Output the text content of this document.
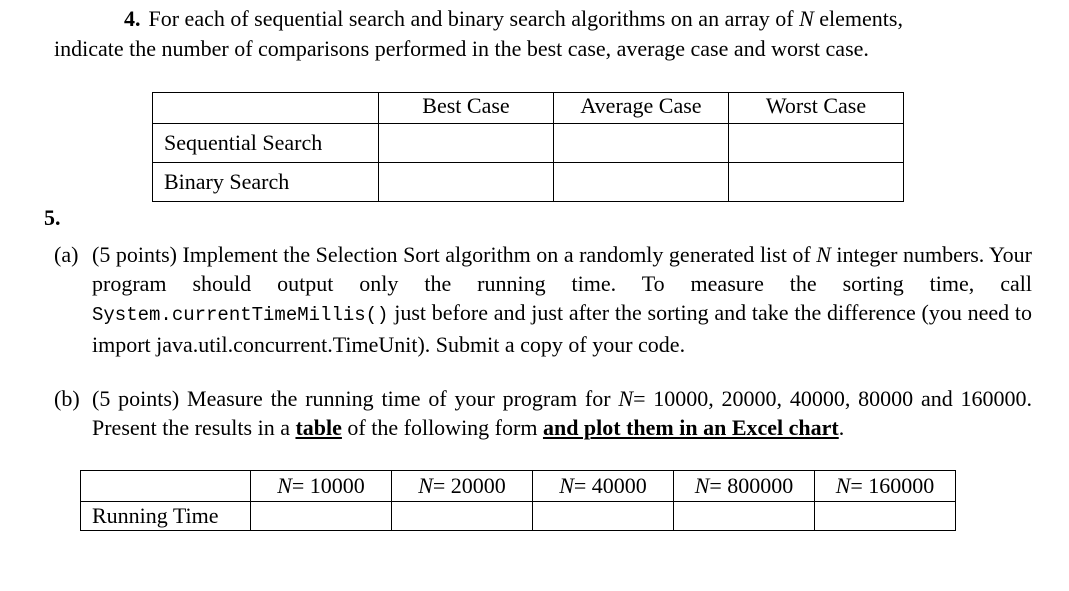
4. For each of sequential search and binary search algorithms on an array of N elements,
indicate the number of comparisons performed in the best case, average case and worst case.
	Best Case	Average Case	Worst Case
Sequential Search			
Binary Search			
5.
(a) (5 points) Implement the Selection Sort algorithm on a randomly generated list of N integer numbers. Your program should output only the running time. To measure the sorting time, call System.currentTimeMillis() just before and just after the sorting and take the difference (you need to import java.util.concurrent.TimeUnit). Submit a copy of your code.
(b) (5 points) Measure the running time of your program for N= 10000, 20000, 40000, 80000 and 160000. Present the results in a table of the following form and plot them in an Excel chart.
	N= 10000	N= 20000	N= 40000	N= 800000	N= 160000
Running Time					
